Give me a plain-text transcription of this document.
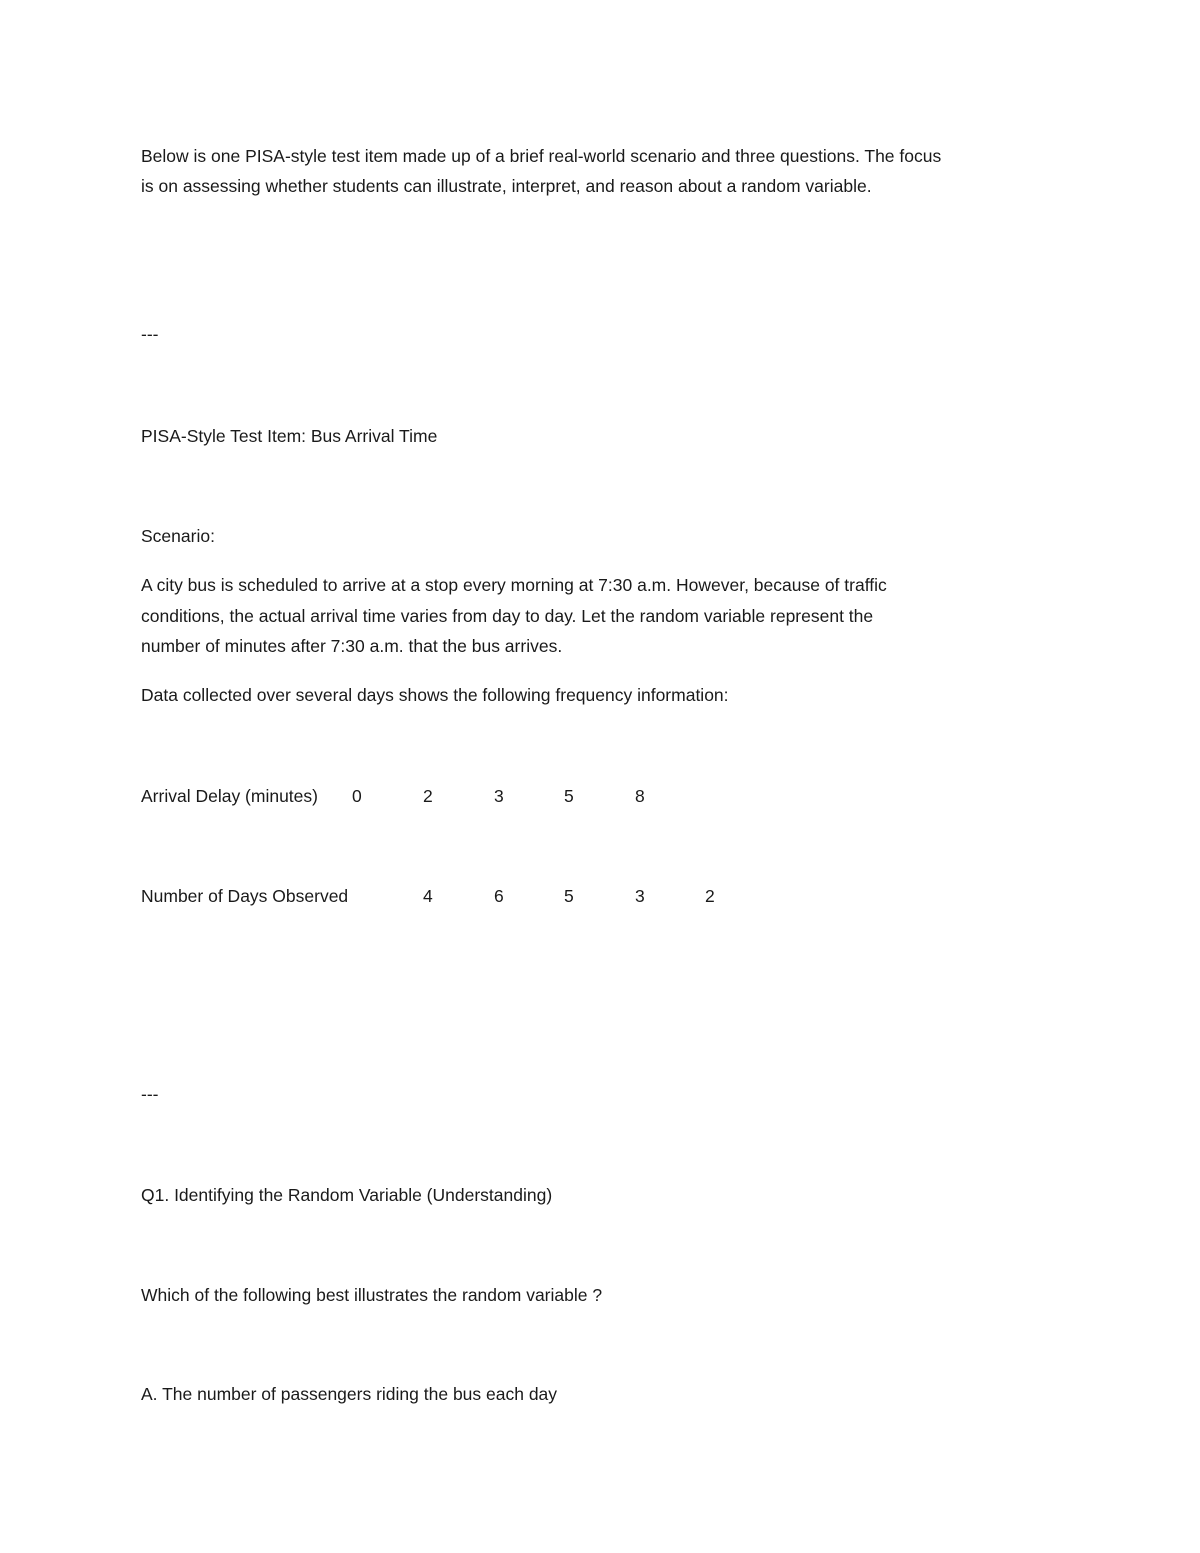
Below is one PISA-style test item made up of a brief real-world scenario and three questions. The focus
is on assessing whether students can illustrate, interpret, and reason about a random variable.
---
PISA-Style Test Item: Bus Arrival Time
Scenario:
A city bus is scheduled to arrive at a stop every morning at 7:30 a.m. However, because of traffic
conditions, the actual arrival time varies from day to day. Let the random variable represent the
number of minutes after 7:30 a.m. that the bus arrives.
Data collected over several days shows the following frequency information:
Arrival Delay (minutes) 0	2	3	5	8
Number of Days Observed	4	6	5	3	2
---
Q1. Identifying the Random Variable (Understanding)
Which of the following best illustrates the random variable ?
A. The number of passengers riding the bus each day
